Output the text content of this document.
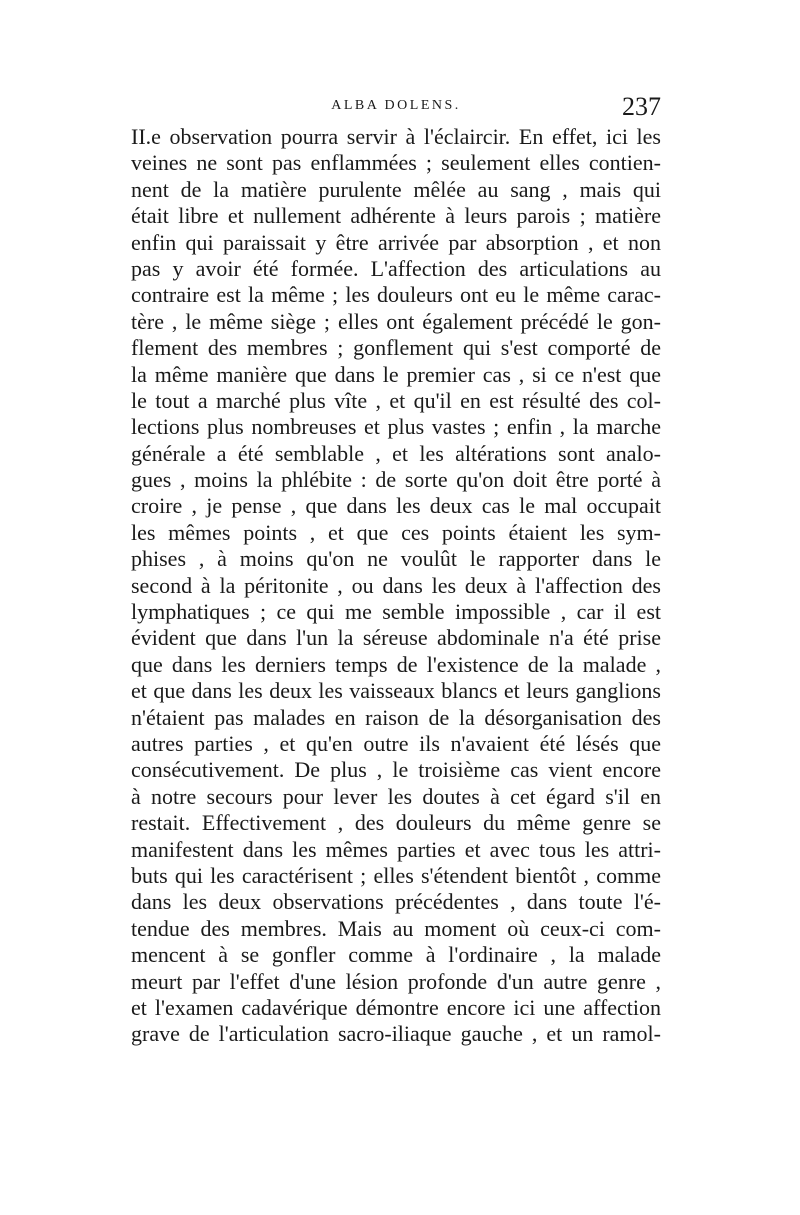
ALBA DOLENS.	237
II.e observation pourra servir à l'éclaircir. En effet, ici les
veines ne sont pas enflammées ; seulement elles contien-
nent de la matière purulente mêlée au sang , mais qui
était libre et nullement adhérente à leurs parois ; matière
enfin qui paraissait y être arrivée par absorption , et non
pas y avoir été formée. L'affection des articulations au
contraire est la même ; les douleurs ont eu le même carac-
tère , le même siège ; elles ont également précédé le gon-
flement des membres ; gonflement qui s'est comporté de
la même manière que dans le premier cas , si ce n'est que
le tout a marché plus vîte , et qu'il en est résulté des col-
lections plus nombreuses et plus vastes ; enfin , la marche
générale a été semblable , et les altérations sont analo-
gues , moins la phlébite : de sorte qu'on doit être porté à
croire , je pense , que dans les deux cas le mal occupait
les mêmes points , et que ces points étaient les sym-
phises , à moins qu'on ne voulût le rapporter dans le
second à la péritonite , ou dans les deux à l'affection des
lymphatiques ; ce qui me semble impossible , car il est
évident que dans l'un la séreuse abdominale n'a été prise
que dans les derniers temps de l'existence de la malade ,
et que dans les deux les vaisseaux blancs et leurs ganglions
n'étaient pas malades en raison de la désorganisation des
autres parties , et qu'en outre ils n'avaient été lésés que
consécutivement. De plus , le troisième cas vient encore
à notre secours pour lever les doutes à cet égard s'il en
restait. Effectivement , des douleurs du même genre se
manifestent dans les mêmes parties et avec tous les attri-
buts qui les caractérisent ; elles s'étendent bientôt , comme
dans les deux observations précédentes , dans toute l'é-
tendue des membres. Mais au moment où ceux-ci com-
mencent à se gonfler comme à l'ordinaire , la malade
meurt par l'effet d'une lésion profonde d'un autre genre ,
et l'examen cadavérique démontre encore ici une affection
grave de l'articulation sacro-iliaque gauche , et un ramol-
